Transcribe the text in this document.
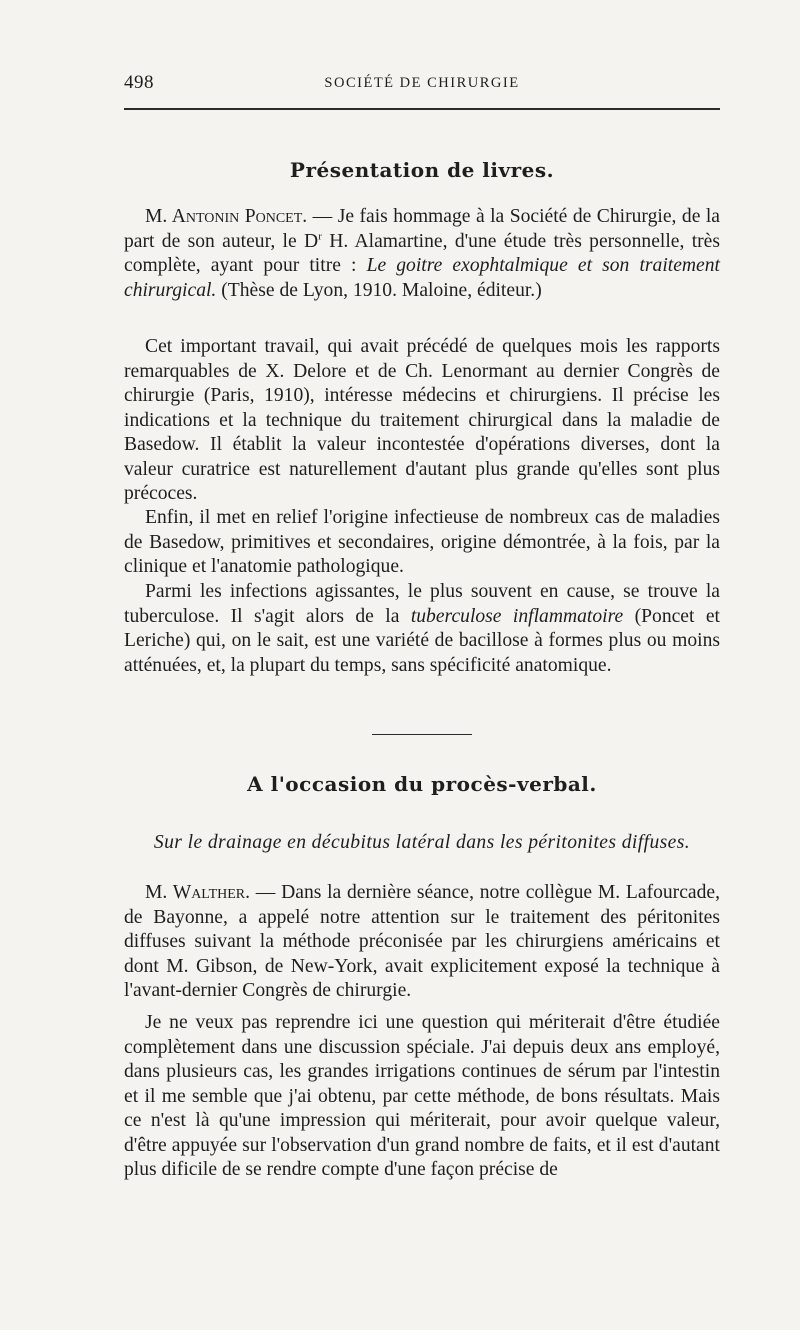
498	SOCIÉTÉ DE CHIRURGIE
Présentation de livres.

M. Antonin Poncet. — Je fais hommage à la Société de Chirurgie, de la part de son auteur, le $D^r$ H. Alamartine, d'une étude très personnelle, très complète, ayant pour titre : Le goitre exophtalmique et son traitement chirurgical. (Thèse de Lyon, 1910. Maloine, éditeur.)

Cet important travail, qui avait précédé de quelques mois les rapports remarquables de X. Delore et de Ch. Lenormant au dernier Congrès de chirurgie (Paris, 1910), intéresse médecins et chirurgiens. Il précise les indications et la technique du traitement chirurgical dans la maladie de Basedow. Il établit la valeur incontestée d'opérations diverses, dont la valeur curatrice est naturellement d'autant plus grande qu'elles sont plus précoces.

Enfin, il met en relief l'origine infectieuse de nombreux cas de maladies de Basedow, primitives et secondaires, origine démontrée, à la fois, par la clinique et l'anatomie pathologique.

Parmi les infections agissantes, le plus souvent en cause, se trouve la tuberculose. Il s'agit alors de la tuberculose inflammatoire (Poncet et Leriche) qui, on le sait, est une variété de bacillose à formes plus ou moins atténuées, et, la plupart du temps, sans spécificité anatomique.

A l'occasion du procès-verbal.

Sur le drainage en décubitus latéral dans les péritonites diffuses.

M. Walther. — Dans la dernière séance, notre collègue M. Lafourcade, de Bayonne, a appelé notre attention sur le traitement des péritonites diffuses suivant la méthode préconisée par les chirurgiens américains et dont M. Gibson, de New-York, avait explicitement exposé la technique à l'avant-dernier Congrès de chirurgie.

Je ne veux pas reprendre ici une question qui mériterait d'être étudiée complètement dans une discussion spéciale. J'ai depuis deux ans employé, dans plusieurs cas, les grandes irrigations continues de sérum par l'intestin et il me semble que j'ai obtenu, par cette méthode, de bons résultats. Mais ce n'est là qu'une impression qui mériterait, pour avoir quelque valeur, d'être appuyée sur l'observation d'un grand nombre de faits, et il est d'autant plus dificile de se rendre compte d'une façon précise de
